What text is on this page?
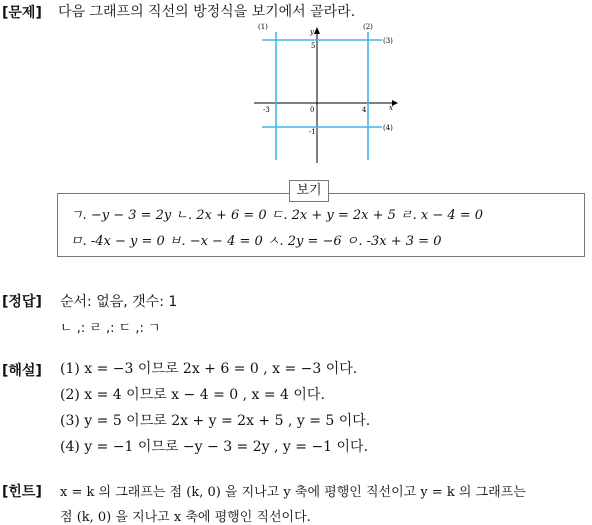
[문제] 다음 그래프의 직선의 방정식을 보기에서 골라라.
y
x
0
-3	4
5
-1
(1)	(2)
(3)
(4)
보기
ㄱ. −y − 3 = 2y ㄴ. 2x + 6 = 0 ㄷ. 2x + y = 2x + 5 ㄹ. x − 4 = 0
ㅁ. -4x − y = 0 ㅂ. −x − 4 = 0 ㅅ. 2y = −6 ㅇ. -3x + 3 = 0
[정답] 순서: 없음, 갯수: 1
ㄴ ,: ㄹ ,: ㄷ ,: ㄱ
[해설] (1) x = −3 이므로 2x + 6 = 0 , x = −3 이다.
(2) x = 4 이므로 x − 4 = 0 , x = 4 이다.
(3) y = 5 이므로 2x + y = 2x + 5 , y = 5 이다.
(4) y = −1 이므로 −y − 3 = 2y , y = −1 이다.
[힌트] x = k 의 그래프는 점 (k, 0) 을 지나고 y 축에 평행인 직선이고 y = k 의 그래프는
점 (k, 0) 을 지나고 x 축에 평행인 직선이다.
